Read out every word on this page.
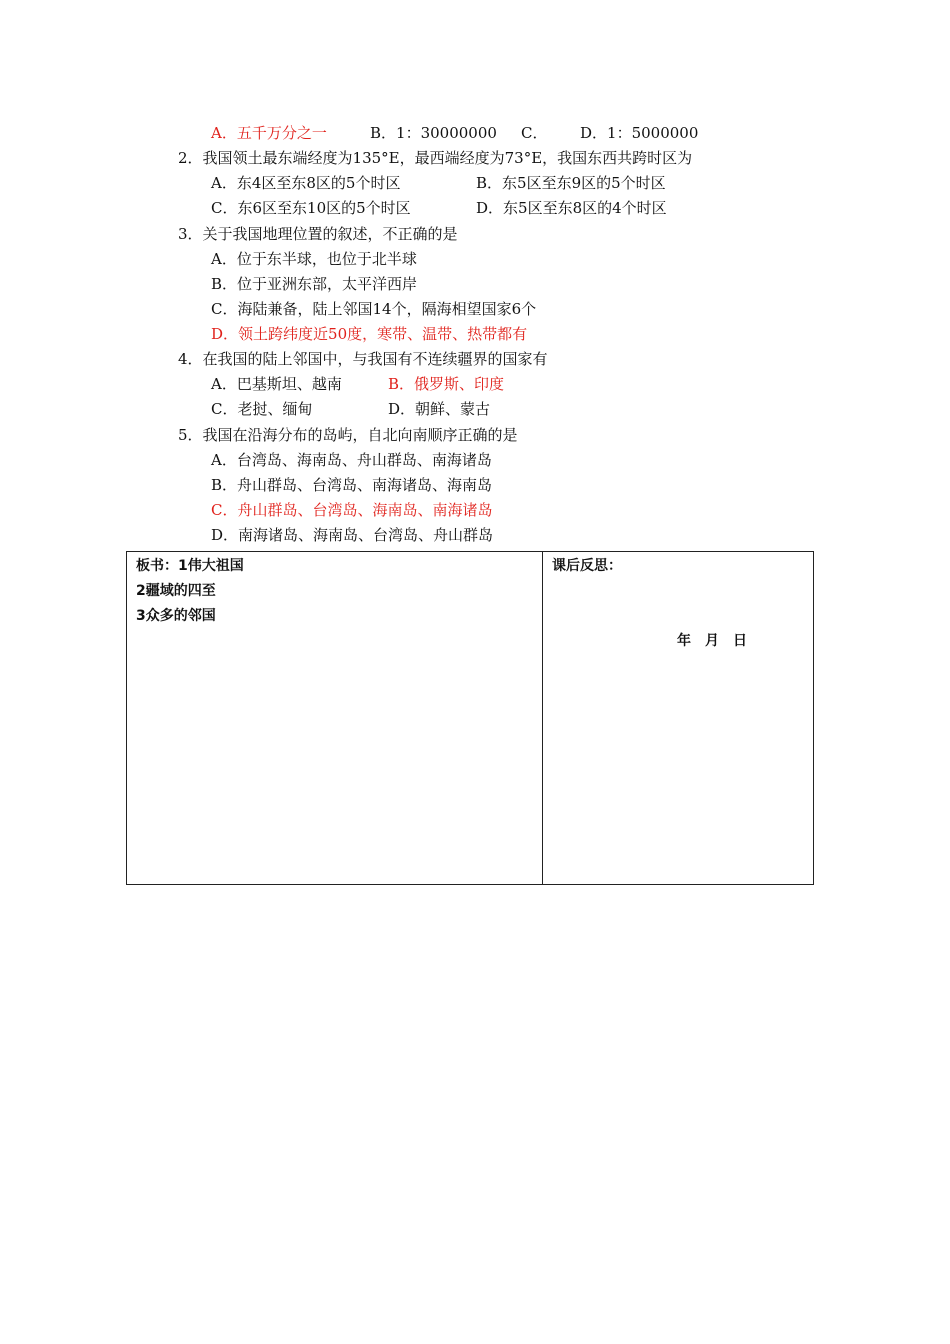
A．五千万分之一	B．1：30000000 C． D．1：5000000
2．我国领土最东端经度为135°E，最西端经度为73°E，我国东西共跨时区为
A．东4区至东8区的5个时区	B．东5区至东9区的5个时区
C．东6区至东10区的5个时区	D．东5区至东8区的4个时区
3．关于我国地理位置的叙述，不正确的是
A．位于东半球，也位于北半球
B．位于亚洲东部，太平洋西岸
C．海陆兼备，陆上邻国14个，隔海相望国家6个
D．领土跨纬度近50度，寒带、温带、热带都有
4．在我国的陆上邻国中，与我国有不连续疆界的国家有
A．巴基斯坦、越南	B．俄罗斯、印度
C．老挝、缅甸	D．朝鲜、蒙古
5．我国在沿海分布的岛屿，自北向南顺序正确的是
A．台湾岛、海南岛、舟山群岛、南海诸岛
B．舟山群岛、台湾岛、南海诸岛、海南岛
C．舟山群岛、台湾岛、海南岛、南海诸岛
D．南海诸岛、海南岛、台湾岛、舟山群岛
板书：1伟大祖国
2疆域的四至
3众多的邻国
课后反思：
年　月　日
